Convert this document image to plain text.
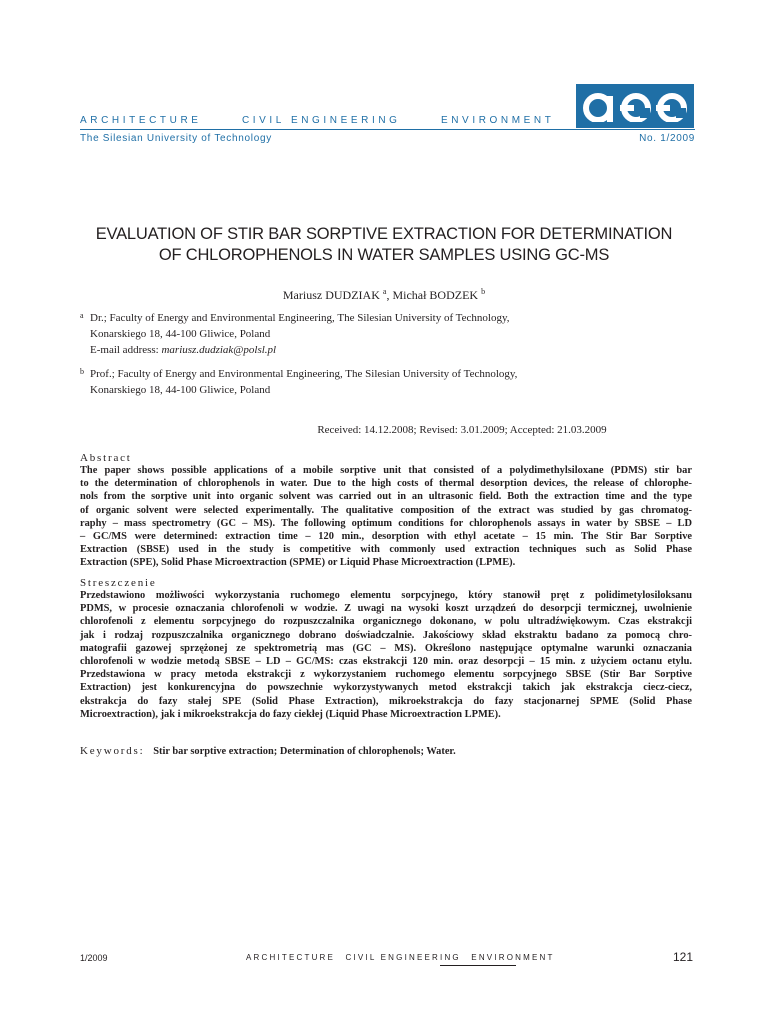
ARCHITECTURE	CIVIL ENGINEERING	ENVIRONMENT
The Silesian University of Technology	No. 1/2009
EVALUATION OF STIR BAR SORPTIVE EXTRACTION FOR DETERMINATION
OF CHLOROPHENOLS IN WATER SAMPLES USING GC-MS
Mariusz DUDZIAK $^a$, Michał BODZEK $^b$
a Dr.; Faculty of Energy and Environmental Engineering, The Silesian University of Technology,
Konarskiego 18, 44-100 Gliwice, Poland
E-mail address: mariusz.dudziak@polsl.pl
b Prof.; Faculty of Energy and Environmental Engineering, The Silesian University of Technology,
Konarskiego 18, 44-100 Gliwice, Poland
Received: 14.12.2008; Revised: 3.01.2009; Accepted: 21.03.2009
Abstract
The paper shows possible applications of a mobile sorptive unit that consisted of a polydimethylsiloxane (PDMS) stir bar
to the determination of chlorophenols in water. Due to the high costs of thermal desorption devices, the release of chlorophe-
nols from the sorptive unit into organic solvent was carried out in an ultrasonic field. Both the extraction time and the type
of organic solvent were selected experimentally. The qualitative composition of the extract was studied by gas chromatog-
raphy – mass spectrometry (GC – MS). The following optimum conditions for chlorophenols assays in water by SBSE – LD
– GC/MS were determined: extraction time – 120 min., desorption with ethyl acetate – 15 min. The Stir Bar Sorptive
Extraction (SBSE) used in the study is competitive with commonly used extraction techniques such as Solid Phase
Extraction (SPE), Solid Phase Microextraction (SPME) or Liquid Phase Microextraction (LPME).
Streszczenie
Przedstawiono możliwości wykorzystania ruchomego elementu sorpcyjnego, który stanowił pręt z polidimetylosiloksanu
PDMS, w procesie oznaczania chlorofenoli w wodzie. Z uwagi na wysoki koszt urządzeń do desorpcji termicznej, uwolnienie
chlorofenoli z elementu sorpcyjnego do rozpuszczalnika organicznego dokonano, w polu ultradźwiękowym. Czas ekstrakcji
jak i rodzaj rozpuszczalnika organicznego dobrano doświadczalnie. Jakościowy skład ekstraktu badano za pomocą chro-
matografii gazowej sprzężonej ze spektrometrią mas (GC – MS). Określono następujące optymalne warunki oznaczania
chlorofenoli w wodzie metodą SBSE – LD – GC/MS: czas ekstrakcji 120 min. oraz desorpcji – 15 min. z użyciem octanu etylu.
Przedstawiona w pracy metoda ekstrakcji z wykorzystaniem ruchomego elementu sorpcyjnego SBSE (Stir Bar Sorptive
Extraction) jest konkurencyjna do powszechnie wykorzystywanych metod ekstrakcji takich jak ekstrakcja ciecz-ciecz,
ekstrakcja do fazy stałej SPE (Solid Phase Extraction), mikroekstrakcja do fazy stacjonarnej SPME (Solid Phase
Microextraction), jak i mikroekstrakcja do fazy ciekłej (Liquid Phase Microextraction LPME).
Keywords: Stir bar sorptive extraction; Determination of chlorophenols; Water.
1/2009	ARCHITECTURE CIVIL ENGINEERING ENVIRONMENT	121
